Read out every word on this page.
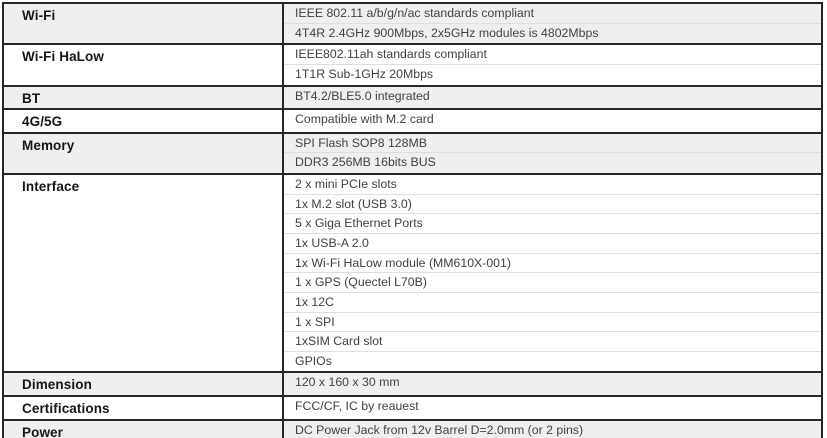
Wi-Fi	IEEE 802.11 a/b/g/n/ac standards compliant
4T4R 2.4GHz 900Mbps, 2x5GHz modules is 4802Mbps
Wi-Fi HaLow	IEEE802.11ah standards compliant
1T1R Sub-1GHz 20Mbps
BT	BT4.2/BLE5.0 integrated
4G/5G	Compatible with M.2 card
Memory	SPI Flash SOP8 128MB
DDR3 256MB 16bits BUS
Interface	2 x mini PCIe slots
1x M.2 slot (USB 3.0)
5 x Giga Ethernet Ports
1x USB-A 2.0
1x Wi-Fi HaLow module (MM610X-001)
1 x GPS (Quectel L70B)
1x 12C
1 x SPI
1xSIM Card slot
GPIOs
Dimension	120 x 160 x 30 mm
Certifications	FCC/CF, IC by reauest
Power	DC Power Jack from 12v Barrel D=2.0mm (or 2 pins)
